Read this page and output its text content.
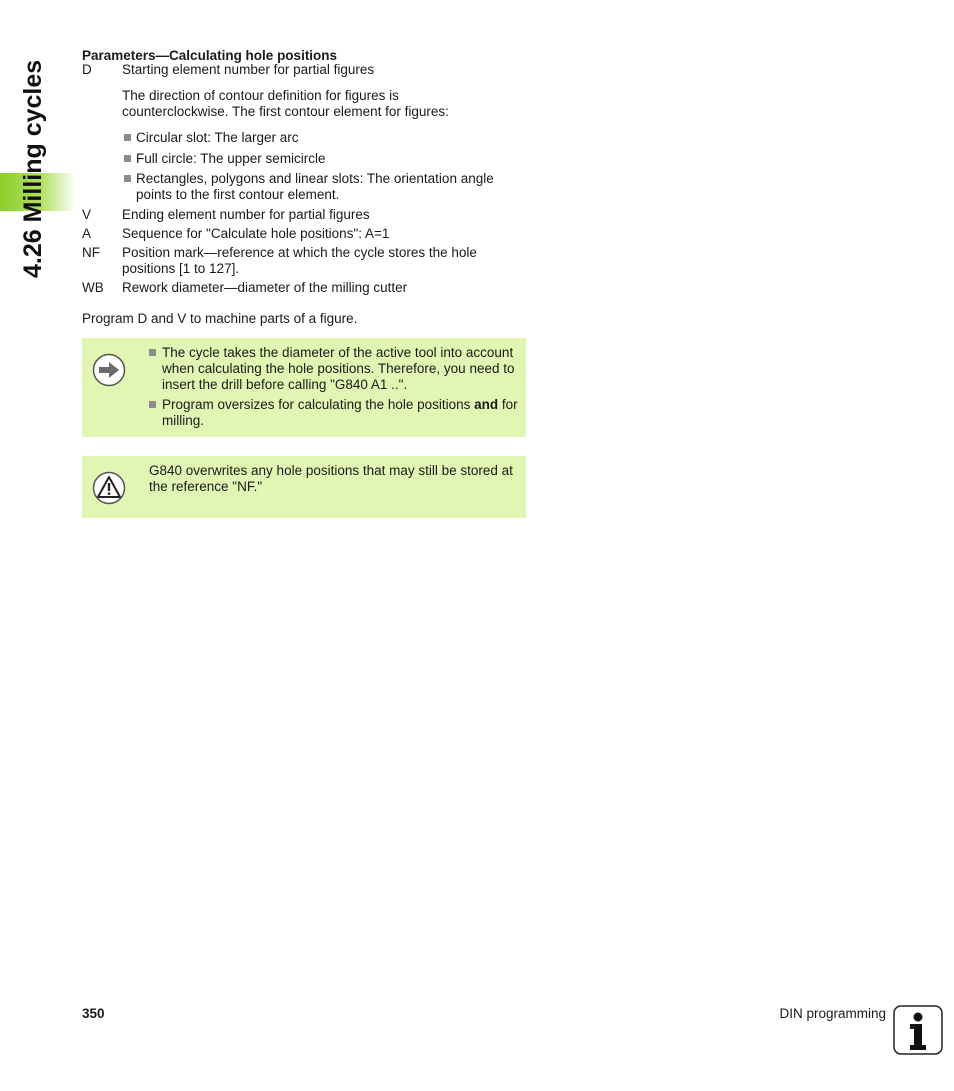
4.26 Milling cycles
Parameters—Calculating hole positions
D Starting element number for partial figures
The direction of contour definition for figures is counterclockwise. The first contour element for figures:
Circular slot: The larger arc
Full circle: The upper semicircle
Rectangles, polygons and linear slots: The orientation angle points to the first contour element.
V Ending element number for partial figures
A Sequence for "Calculate hole positions": A=1
NF Position mark—reference at which the cycle stores the hole positions [1 to 127].
WB Rework diameter—diameter of the milling cutter
Program D and V to machine parts of a figure.
The cycle takes the diameter of the active tool into account when calculating the hole positions. Therefore, you need to insert the drill before calling "G840 A1 ..".
Program oversizes for calculating the hole positions and for milling.
G840 overwrites any hole positions that may still be stored at the reference "NF."
350	DIN programming
